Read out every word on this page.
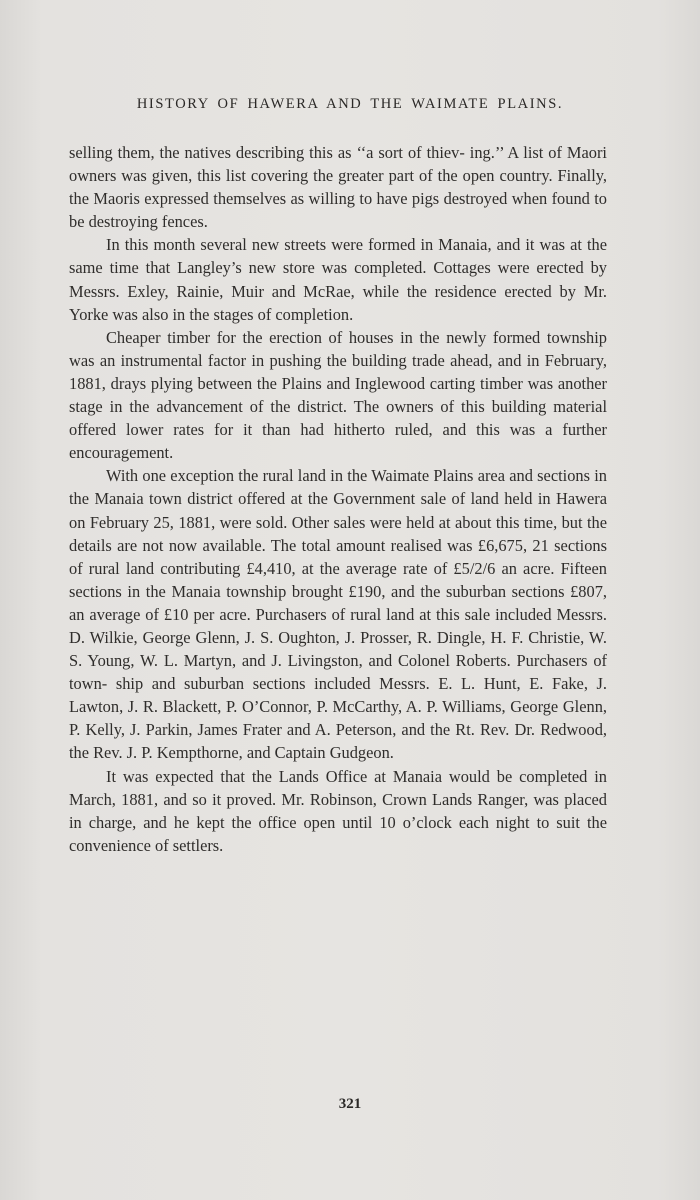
HISTORY OF HAWERA AND THE WAIMATE PLAINS.

selling them, the natives describing this as ‘‘a sort of thiev- ing.’’ A list of Maori owners was given, this list covering the greater part of the open country. Finally, the Maoris expressed themselves as willing to have pigs destroyed when found to be destroying fences.

In this month several new streets were formed in Manaia, and it was at the same time that Langley’s new store was completed. Cottages were erected by Messrs. Exley, Rainie, Muir and McRae, while the residence erected by Mr. Yorke was also in the stages of completion.

Cheaper timber for the erection of houses in the newly formed township was an instrumental factor in pushing the building trade ahead, and in February, 1881, drays plying between the Plains and Inglewood carting timber was another stage in the advancement of the district. The owners of this building material offered lower rates for it than had hitherto ruled, and this was a further encouragement.

With one exception the rural land in the Waimate Plains area and sections in the Manaia town district offered at the Government sale of land held in Hawera on February 25, 1881, were sold. Other sales were held at about this time, but the details are not now available. The total amount realised was £6,675, 21 sections of rural land contributing £4,410, at the average rate of £5/2/6 an acre. Fifteen sections in the Manaia township brought £190, and the suburban sections £807, an average of £10 per acre. Purchasers of rural land at this sale included Messrs. D. Wilkie, George Glenn, J. S. Oughton, J. Prosser, R. Dingle, H. F. Christie, W. S. Young, W. L. Martyn, and J. Livingston, and Colonel Roberts. Purchasers of town- ship and suburban sections included Messrs. E. L. Hunt, E. Fake, J. Lawton, J. R. Blackett, P. O’Connor, P. McCarthy, A. P. Williams, George Glenn, P. Kelly, J. Parkin, James Frater and A. Peterson, and the Rt. Rev. Dr. Redwood, the Rev. J. P. Kempthorne, and Captain Gudgeon.

It was expected that the Lands Office at Manaia would be completed in March, 1881, and so it proved. Mr. Robinson, Crown Lands Ranger, was placed in charge, and he kept the office open until 10 o’clock each night to suit the convenience of settlers.

321
